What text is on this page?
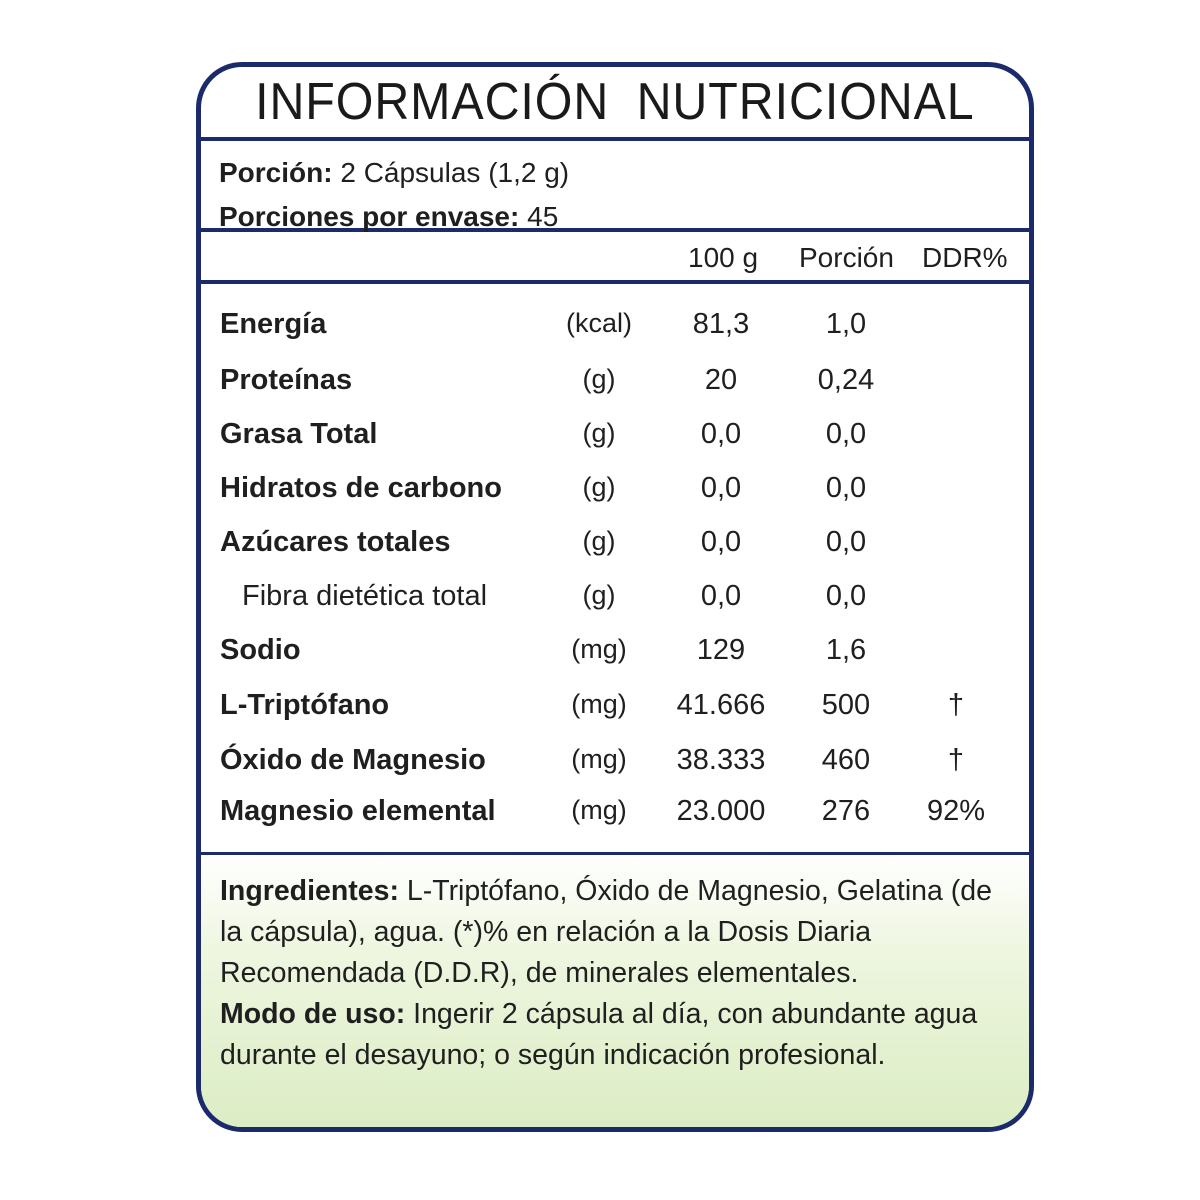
INFORMACIÓN NUTRICIONAL
Porción: 2 Cápsulas (1,2 g)
Porciones por envase: 45
100 g Porción DDR%
Energía	(kcal)	81,3	1,0
Proteínas	(g)	20	0,24
Grasa Total	(g)	0,0	0,0
Hidratos de carbono	(g)	0,0	0,0
Azúcares totales	(g)	0,0	0,0
Fibra dietética total	(g)	0,0	0,0
Sodio	(mg)	129	1,6
L-Triptófano	(mg)	41.666	500	†
Óxido de Magnesio	(mg)	38.333	460	†
Magnesio elemental	(mg)	23.000	276	92%
Ingredientes: L-Triptófano, Óxido de Magnesio, Gelatina (de la cápsula), agua. (*)% en relación a la Dosis Diaria Recomendada (D.D.R), de minerales elementales.
Modo de uso: Ingerir 2 cápsula al día, con abundante agua durante el desayuno; o según indicación profesional.
